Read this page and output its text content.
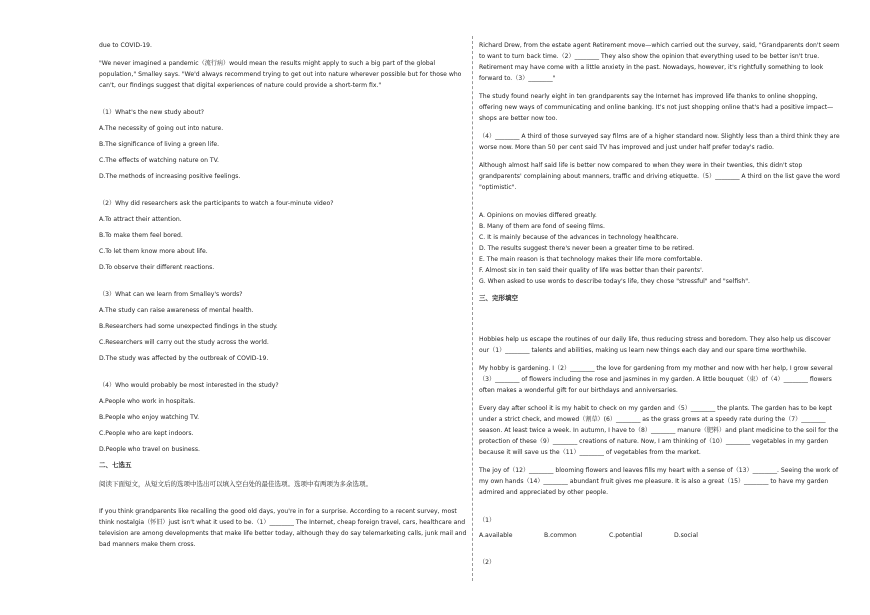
due to COVID-19.

"We never imagined a pandemic（流行病）would mean the results might apply to such a big part of the global population," Smalley says. "We'd always recommend trying to get out into nature wherever possible but for those who can't, our findings suggest that digital experiences of nature could provide a short-term fix."

（1）What's the new study about?

A.The necessity of going out into nature.

B.The significance of living a green life.

C.The effects of watching nature on TV.

D.The methods of increasing positive feelings.

（2）Why did researchers ask the participants to watch a four-minute video?

A.To attract their attention.

B.To make them feel bored.

C.To let them know more about life.

D.To observe their different reactions.

（3）What can we learn from Smalley's words?

A.The study can raise awareness of mental health.

B.Researchers had some unexpected findings in the study.

C.Researchers will carry out the study across the world.

D.The study was affected by the outbreak of COVID-19.

（4）Who would probably be most interested in the study?

A.People who work in hospitals.

B.People who enjoy watching TV.

C.People who are kept indoors.

D.People who travel on business.

二、七选五

阅读下面短文，从短文后的选项中选出可以填入空白处的最佳选项。选项中有两项为多余选项。

If you think grandparents like recalling the good old days, you're in for a surprise. According to a recent survey, most think nostalgia（怀旧）just isn't what it used to be.（1）________ The Internet, cheap foreign travel, cars, healthcare and television are among developments that make life better today, although they do say telemarketing calls, junk mail and bad manners make them cross.

Richard Drew, from the estate agent Retirement move—which carried out the survey, said, "Grandparents don't seem to want to turn back time.（2）________ They also show the opinion that everything used to be better isn't true. Retirement may have come with a little anxiety in the past. Nowadays, however, it's rightfully something to look forward to.（3）________"

The study found nearly eight in ten grandparents say the Internet has improved life thanks to online shopping, offering new ways of communicating and online banking. It's not just shopping online that's had a positive impact—shops are better now too.

（4）________ A third of those surveyed say films are of a higher standard now. Slightly less than a third think they are worse now. More than 50 per cent said TV has improved and just under half prefer today's radio.

Although almost half said life is better now compared to when they were in their twenties, this didn't stop grandparents' complaining about manners, traffic and driving etiquette.（5）________ A third on the list gave the word "optimistic".

A. Opinions on movies differed greatly.

B. Many of them are fond of seeing films.

C. It is mainly because of the advances in technology healthcare.

D. The results suggest there's never been a greater time to be retired.

E. The main reason is that technology makes their life more comfortable.

F. Almost six in ten said their quality of life was better than their parents'.

G. When asked to use words to describe today's life, they chose "stressful" and "selfish".

三、完形填空

Hobbies help us escape the routines of our daily life, thus reducing stress and boredom. They also help us discover our（1）________ talents and abilities, making us learn new things each day and our spare time worthwhile.

My hobby is gardening. I（2）________ the love for gardening from my mother and now with her help, I grow several（3）________ of flowers including the rose and jasmines in my garden. A little bouquet（束）of（4）________ flowers often makes a wonderful gift for our birthdays and anniversaries.

Every day after school it is my habit to check on my garden and（5）________ the plants. The garden has to be kept under a strict check, and mowed（割草）(6）________ as the grass grows at a speedy rate during the（7）________ season. At least twice a week. In autumn, I have to（8）________ manure（肥料）and plant medicine to the soil for the protection of these（9）________ creations of nature. Now, I am thinking of（10）________ vegetables in my garden because it will save us the（11）________ of vegetables from the market.

The joy of（12）________ blooming flowers and leaves fills my heart with a sense of（13）________. Seeing the work of my own hands（14）________ abundant fruit gives me pleasure. It is also a great（15）________ to have my garden admired and appreciated by other people.

（1）

A.available	B.common	C.potential	D.social

（2）
